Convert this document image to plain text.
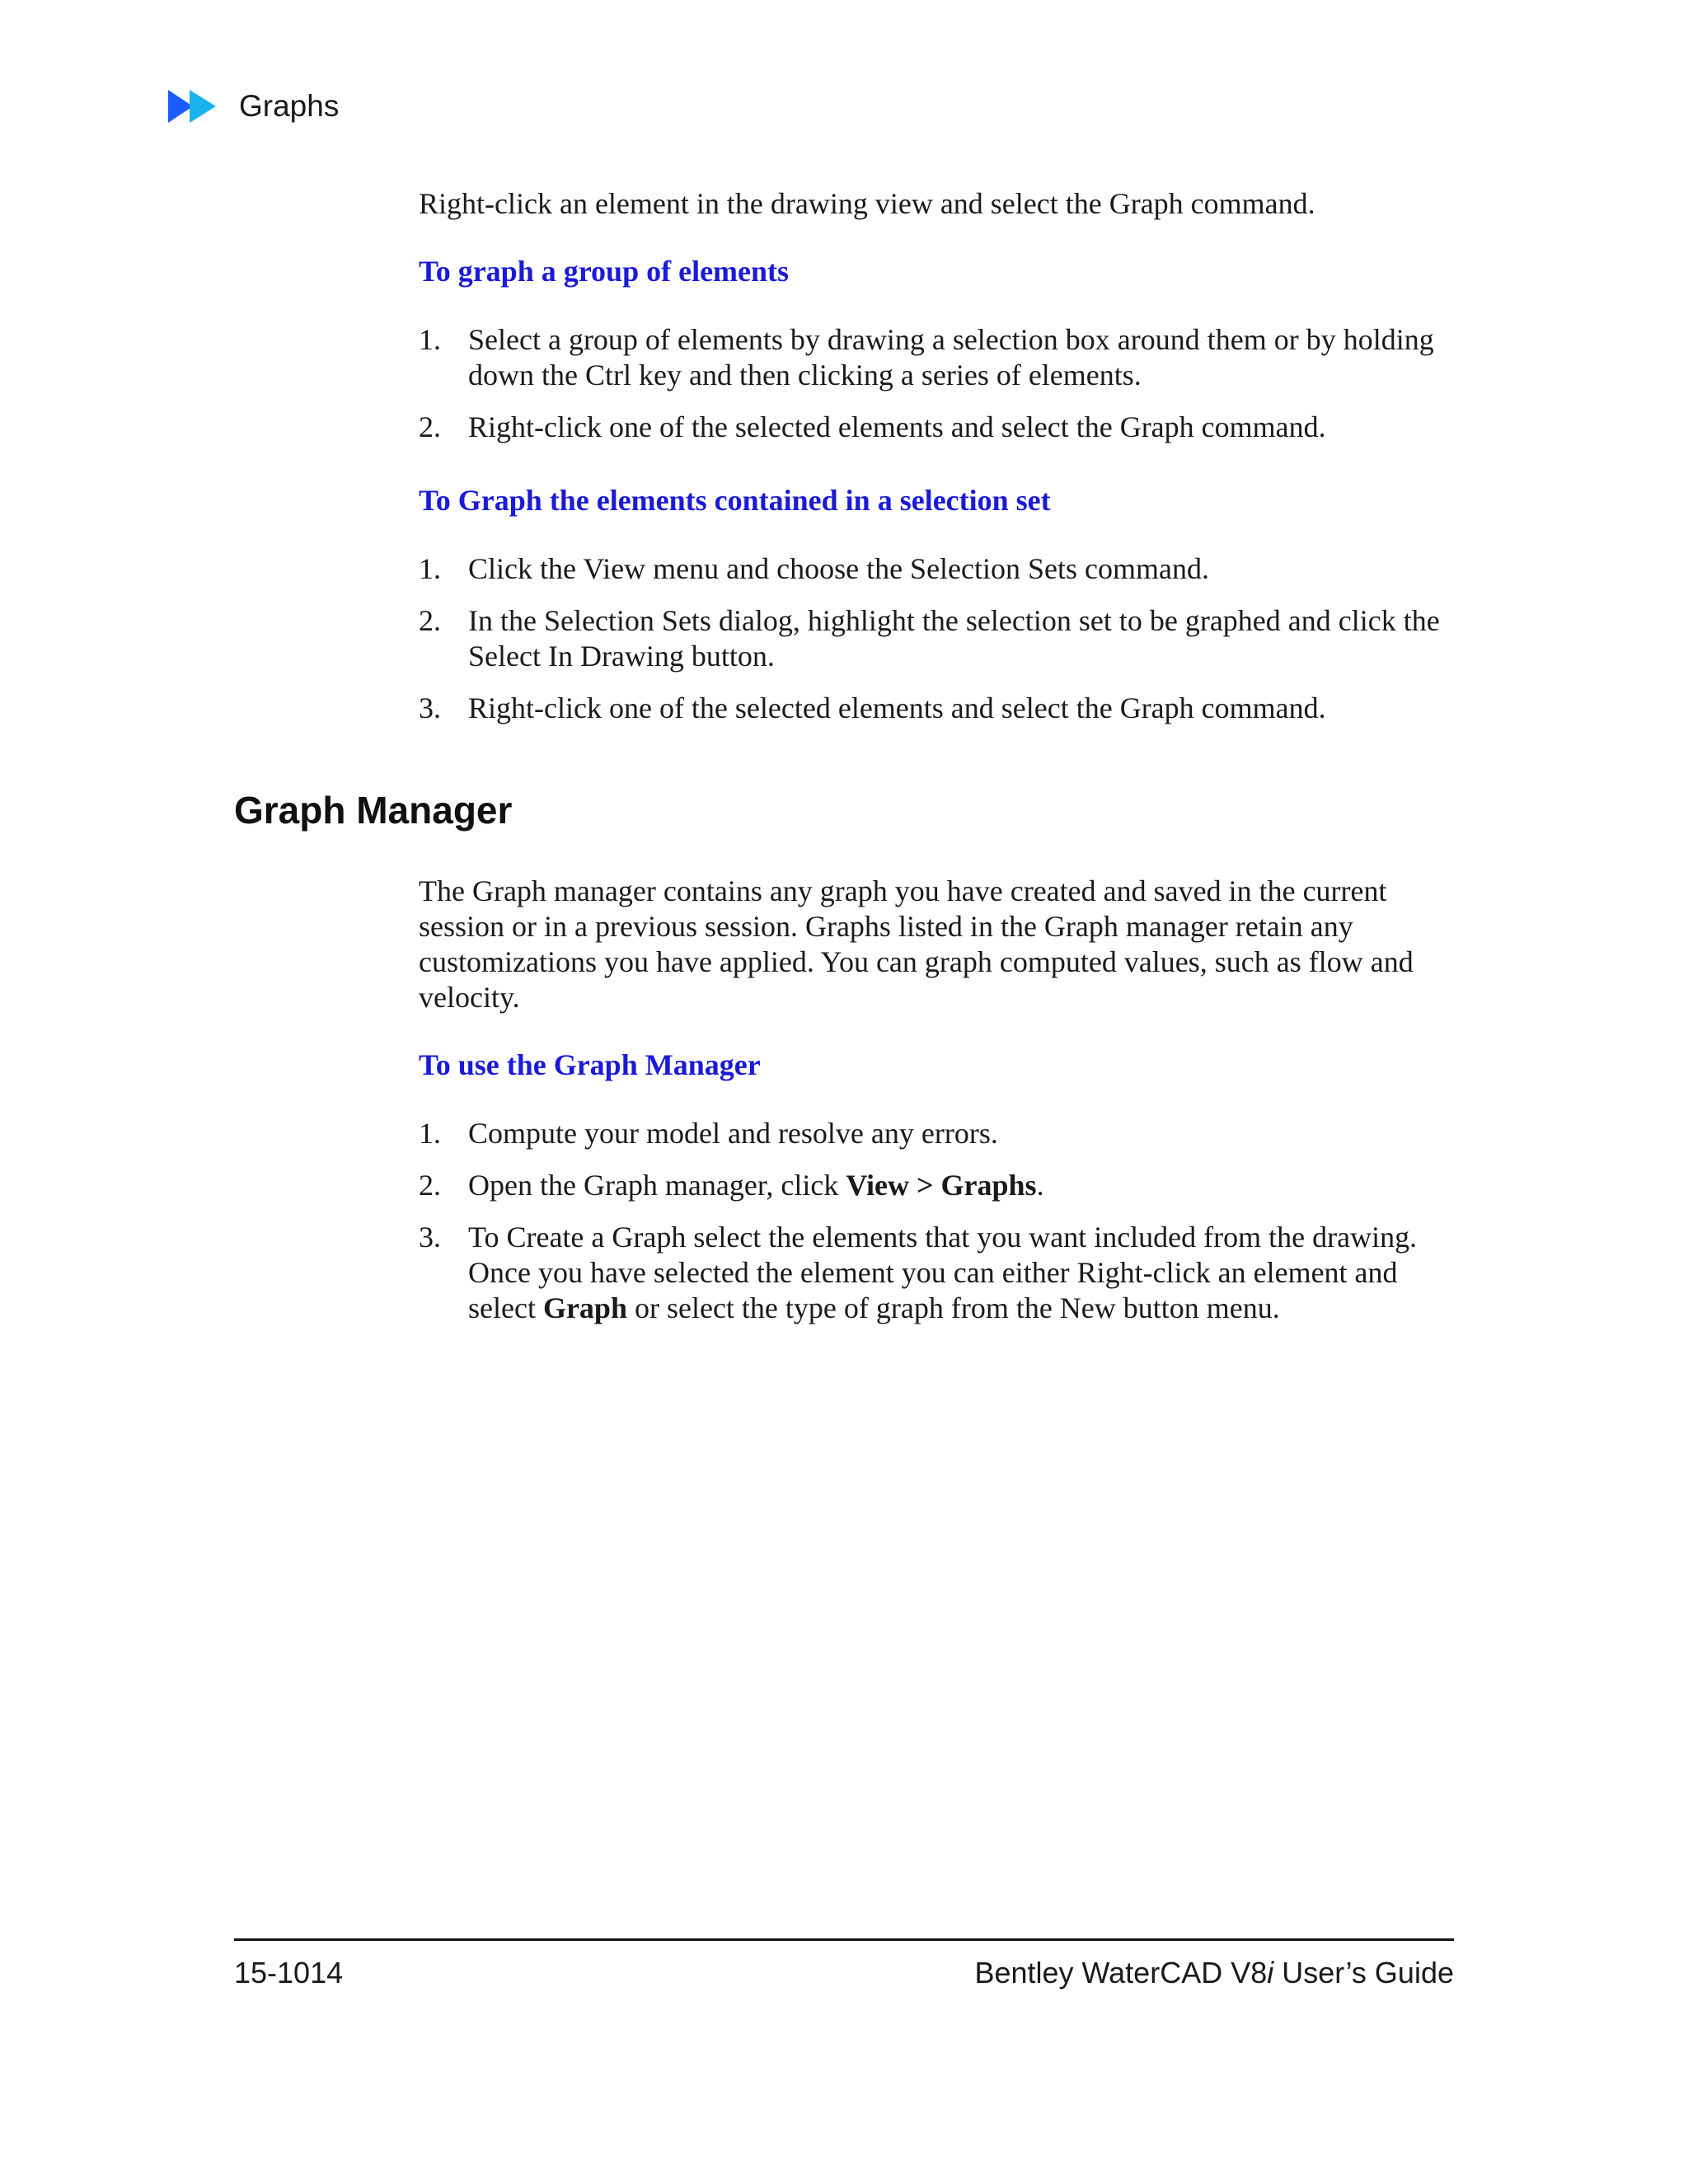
Graphs

Right-click an element in the drawing view and select the Graph command.

To graph a group of elements

1. Select a group of elements by drawing a selection box around them or by holding down the Ctrl key and then clicking a series of elements.
2. Right-click one of the selected elements and select the Graph command.

To Graph the elements contained in a selection set

1. Click the View menu and choose the Selection Sets command.
2. In the Selection Sets dialog, highlight the selection set to be graphed and click the Select In Drawing button.
3. Right-click one of the selected elements and select the Graph command.
Graph Manager

The Graph manager contains any graph you have created and saved in the current session or in a previous session. Graphs listed in the Graph manager retain any customizations you have applied. You can graph computed values, such as flow and velocity.

To use the Graph Manager

1. Compute your model and resolve any errors.
2. Open the Graph manager, click View > Graphs.
3. To Create a Graph select the elements that you want included from the drawing. Once you have selected the element you can either Right-click an element and select Graph or select the type of graph from the New button menu.
15-1014	Bentley WaterCAD V8i User’s Guide
